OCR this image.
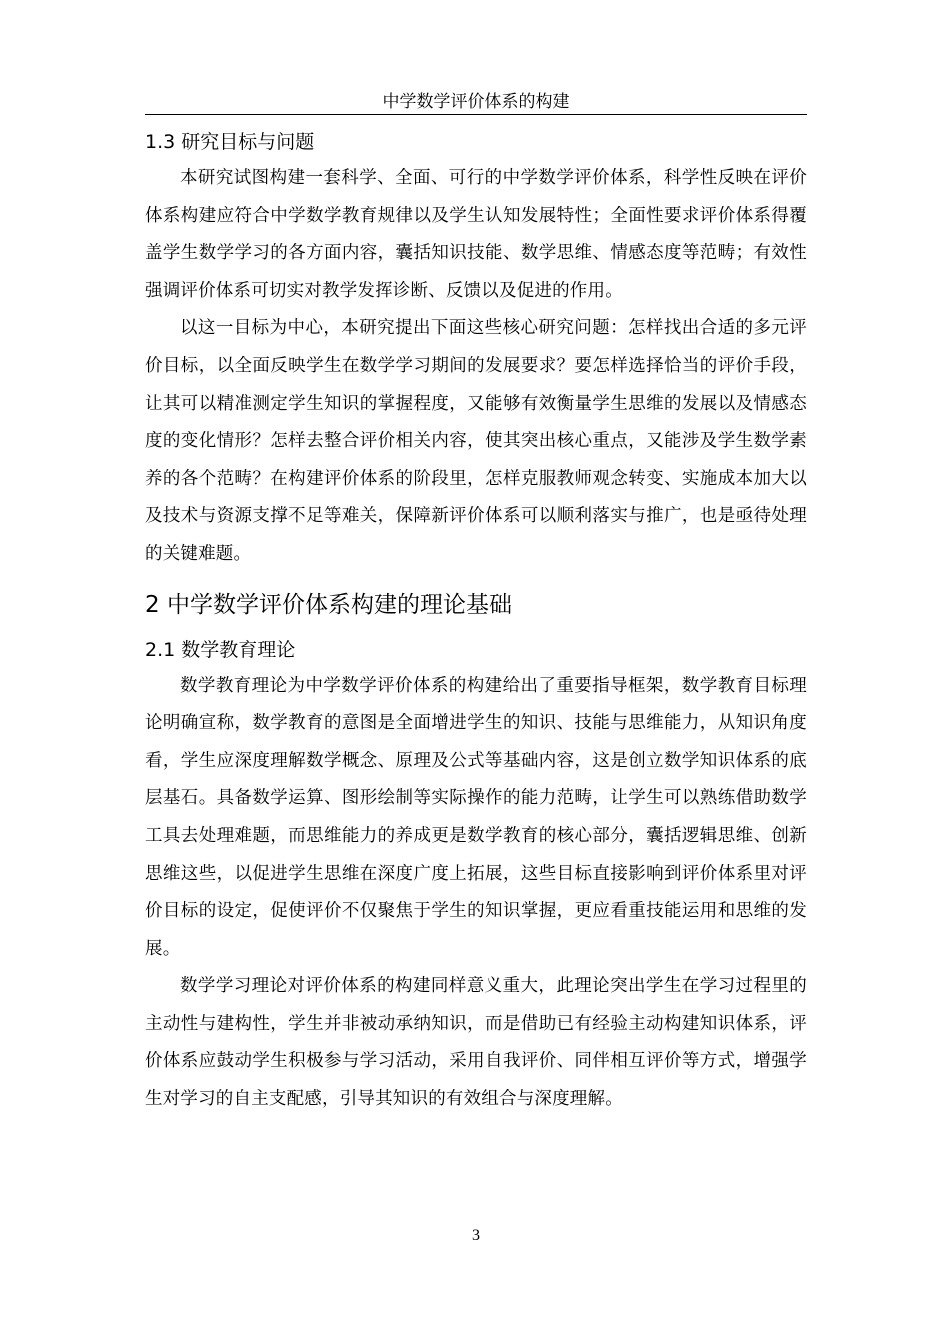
中学数学评价体系的构建
1.3 研究目标与问题

本研究试图构建一套科学、全面、可行的中学数学评价体系，科学性反映在评价体系构建应符合中学数学教育规律以及学生认知发展特性；全面性要求评价体系得覆盖学生数学学习的各方面内容，囊括知识技能、数学思维、情感态度等范畴；有效性强调评价体系可切实对教学发挥诊断、反馈以及促进的作用。

以这一目标为中心，本研究提出下面这些核心研究问题：怎样找出合适的多元评价目标，以全面反映学生在数学学习期间的发展要求？要怎样选择恰当的评价手段，让其可以精准测定学生知识的掌握程度，又能够有效衡量学生思维的发展以及情感态度的变化情形？怎样去整合评价相关内容，使其突出核心重点，又能涉及学生数学素养的各个范畴？在构建评价体系的阶段里，怎样克服教师观念转变、实施成本加大以及技术与资源支撑不足等难关，保障新评价体系可以顺利落实与推广，也是亟待处理的关键难题。

2 中学数学评价体系构建的理论基础
2.1 数学教育理论

数学教育理论为中学数学评价体系的构建给出了重要指导框架，数学教育目标理论明确宣称，数学教育的意图是全面增进学生的知识、技能与思维能力，从知识角度看，学生应深度理解数学概念、原理及公式等基础内容，这是创立数学知识体系的底层基石。具备数学运算、图形绘制等实际操作的能力范畴，让学生可以熟练借助数学工具去处理难题，而思维能力的养成更是数学教育的核心部分，囊括逻辑思维、创新思维这些，以促进学生思维在深度广度上拓展，这些目标直接影响到评价体系里对评价目标的设定，促使评价不仅聚焦于学生的知识掌握，更应看重技能运用和思维的发展。

数学学习理论对评价体系的构建同样意义重大，此理论突出学生在学习过程里的主动性与建构性，学生并非被动承纳知识，而是借助已有经验主动构建知识体系，评价体系应鼓动学生积极参与学习活动，采用自我评价、同伴相互评价等方式，增强学生对学习的自主支配感，引导其知识的有效组合与深度理解。

3
